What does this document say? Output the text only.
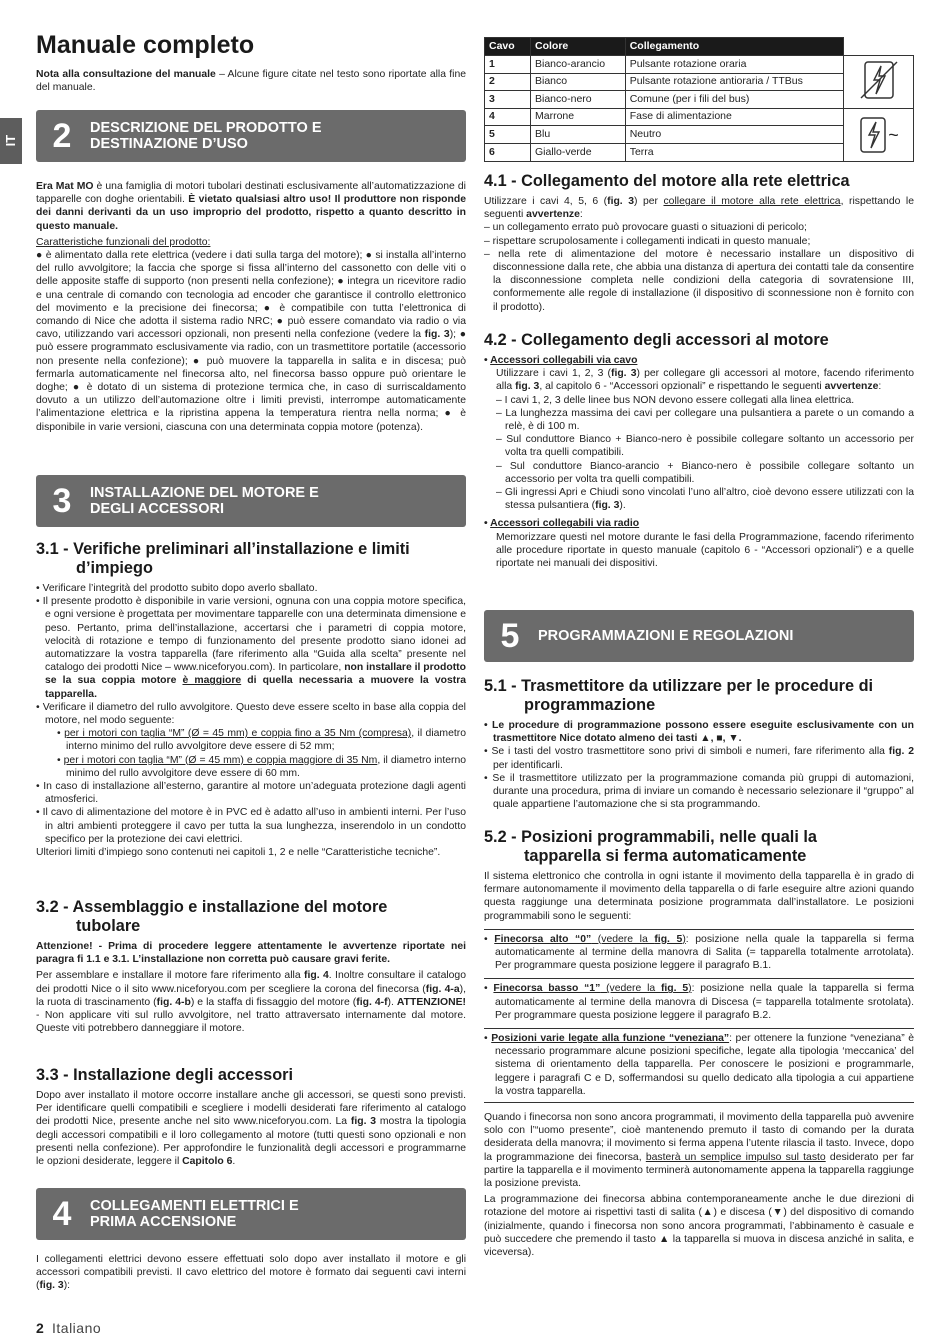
IT
Manuale completo

Nota alla consultazione del manuale – Alcune figure citate nel testo sono riportate alla fine del manuale.

2	DESCRIZIONE DEL PRODOTTO E
DESTINAZIONE D’USO

Era Mat MO è una famiglia di motori tubolari destinati esclusivamente all’automatizzazione di tapparelle con doghe orientabili. È vietato qualsiasi altro uso! Il produttore non risponde dei danni derivanti da un uso improprio del prodotto, rispetto a quanto descritto in questo manuale.

Caratteristiche funzionali del prodotto:

● è alimentato dalla rete elettrica (vedere i dati sulla targa del motore); ● si installa all’interno del rullo avvolgitore; la faccia che sporge si fissa all’interno del cassonetto con delle viti o delle apposite staffe di supporto (non presenti nella confezione); ● integra un ricevitore radio e una centrale di comando con tecnologia ad encoder che garantisce il controllo elettronico del movimento e la precisione dei finecorsa; ● è compatibile con tutta l’elettronica di comando di Nice che adotta il sistema radio NRC; ● può essere comandato via radio o via cavo, utilizzando vari accessori opzionali, non presenti nella confezione (vedere la fig. 3); ● può essere programmato esclusivamente via radio, con un trasmettitore portatile (accessorio non presente nella confezione); ● può muovere la tapparella in salita e in discesa; può fermarla automaticamente nel finecorsa alto, nel finecorsa basso oppure può orientare le doghe; ● è dotato di un sistema di protezione termica che, in caso di surriscaldamento dovuto a un utilizzo dell’automazione oltre i limiti previsti, interrompe automaticamente l’alimentazione elettrica e la ripristina appena la temperatura rientra nella norma; ● è disponibile in varie versioni, ciascuna con una determinata coppia motore (potenza).

3	INSTALLAZIONE DEL MOTORE E
DEGLI ACCESSORI
3.1 - Verifiche preliminari all’installazione e limiti
d’impiego
• Verificare l’integrità del prodotto subito dopo averlo sballato.
• Il presente prodotto è disponibile in varie versioni, ognuna con una coppia motore specifica, e ogni versione è progettata per movimentare tapparelle con una determinata dimensione e peso. Pertanto, prima dell’installazione, accertarsi che i parametri di coppia motore, velocità di rotazione e tempo di funzionamento del presente prodotto siano idonei ad automatizzare la vostra tapparella (fare riferimento alla “Guida alla scelta” presente nel catalogo dei prodotti Nice – www.niceforyou.com). In particolare, non installare il prodotto se la sua coppia motore è maggiore di quella necessaria a muovere la vostra tapparella.
• Verificare il diametro del rullo avvolgitore. Questo deve essere scelto in base alla coppia del motore, nel modo seguente:
• per i motori con taglia “M” (Ø = 45 mm) e coppia fino a 35 Nm (compresa), il diametro interno minimo del rullo avvolgitore deve essere di 52 mm;
• per i motori con taglia “M” (Ø = 45 mm) e coppia maggiore di 35 Nm, il diametro interno minimo del rullo avvolgitore deve essere di 60 mm.
• In caso di installazione all’esterno, garantire al motore un’adeguata protezione dagli agenti atmosferici.
• Il cavo di alimentazione del motore è in PVC ed è adatto all’uso in ambienti interni. Per l’uso in altri ambienti proteggere il cavo per tutta la sua lunghezza, inserendolo in un condotto specifico per la protezione dei cavi elettrici.

Ulteriori limiti d’impiego sono contenuti nei capitoli 1, 2 e nelle “Caratteristiche tecniche”.

3.2 - Assemblaggio e installazione del motore
tubolare

Attenzione! - Prima di procedere leggere attentamente le avvertenze riportate nei paragra fi 1.1 e 3.1. L’installazione non corretta può causare gravi ferite.

Per assemblare e installare il motore fare riferimento alla fig. 4. Inoltre consultare il catalogo dei prodotti Nice o il sito www.niceforyou.com per scegliere la corona del finecorsa (fig. 4-a), la ruota di trascinamento (fig. 4-b) e la staffa di fissaggio del motore (fig. 4-f). ATTENZIONE! - Non applicare viti sul rullo avvolgitore, nel tratto attraversato internamente dal motore. Queste viti potrebbero danneggiare il motore.

3.3 - Installazione degli accessori

Dopo aver installato il motore occorre installare anche gli accessori, se questi sono previsti. Per identificare quelli compatibili e scegliere i modelli desiderati fare riferimento al catalogo dei prodotti Nice, presente anche nel sito www.niceforyou.com. La fig. 3 mostra la tipologia degli accessori compatibili e il loro collegamento al motore (tutti questi sono opzionali e non presenti nella confezione). Per approfondire le funzionalità degli accessori e programmarne le opzioni desiderate, leggere il Capitolo 6.

4	COLLEGAMENTI ELETTRICI E
PRIMA ACCENSIONE

I collegamenti elettrici devono essere effettuati solo dopo aver installato il motore e gli accessori compatibili previsti. Il cavo elettrico del motore è formato dai seguenti cavi interni (fig. 3):

Cavo	Colore	Collegamento	
1	Bianco-arancio	Pulsante rotazione oraria	
2	Bianco	Pulsante rotazione antioraria / TTBus	
3	Bianco-nero	Comune (per i fili del bus)	
4	Marrone	Fase di alimentazione	~

5	Blu	Neutro	
6	Giallo-verde	Terra	
4.1 - Collegamento del motore alla rete elettrica

Utilizzare i cavi 4, 5, 6 (fig. 3) per collegare il motore alla rete elettrica, rispettando le seguenti avvertenze:

– un collegamento errato può provocare guasti o situazioni di pericolo;
– rispettare scrupolosamente i collegamenti indicati in questo manuale;
– nella rete di alimentazione del motore è necessario installare un dispositivo di disconnessione dalla rete, che abbia una distanza di apertura dei contatti tale da consentire la disconnessione completa nelle condizioni della categoria di sovratensione III, conformemente alle regole di installazione (il dispositivo di sconnessione non è fornito con il prodotto).
4.2 - Collegamento degli accessori al motore

• Accessori collegabili via cavo

Utilizzare i cavi 1, 2, 3 (fig. 3) per collegare gli accessori al motore, facendo riferimento alla fig. 3, al capitolo 6 - “Accessori opzionali” e rispettando le seguenti avvertenze:
– I cavi 1, 2, 3 delle linee bus NON devono essere collegati alla linea elettrica.
– La lunghezza massima dei cavi per collegare una pulsantiera a parete o un comando a relè, è di 100 m.
– Sul conduttore Bianco + Bianco-nero è possibile collegare soltanto un accessorio per volta tra quelli compatibili.
– Sul conduttore Bianco-arancio + Bianco-nero è possibile collegare soltanto un accessorio per volta tra quelli compatibili.
– Gli ingressi Apri e Chiudi sono vincolati l’uno all’altro, cioè devono essere utilizzati con la stessa pulsantiera (fig. 3).

• Accessori collegabili via radio

Memorizzare questi nel motore durante le fasi della Programmazione, facendo riferimento alle procedure riportate in questo manuale (capitolo 6 - “Accessori opzionali”) e a quelle riportate nei manuali dei dispositivi.
5	PROGRAMMAZIONI E REGOLAZIONI
5.1 - Trasmettitore da utilizzare per le procedure di
programmazione
• Le procedure di programmazione possono essere eseguite esclusivamente con un trasmettitore Nice dotato almeno dei tasti ▲, ■, ▼.
• Se i tasti del vostro trasmettitore sono privi di simboli e numeri, fare riferimento alla fig. 2 per identificarli.
• Se il trasmettitore utilizzato per la programmazione comanda più gruppi di automazioni, durante una procedura, prima di inviare un comando è necessario selezionare il “gruppo” al quale appartiene l’automazione che si sta programmando.
5.2 - Posizioni programmabili, nelle quali la
tapparella si ferma automaticamente

Il sistema elettronico che controlla in ogni istante il movimento della tapparella è in grado di fermare autonomamente il movimento della tapparella o di farle eseguire altre azioni quando questa raggiunge una determinata posizione programmata dall’installatore. Le posizioni programmabili sono le seguenti:

• Finecorsa alto “0” (vedere la fig. 5): posizione nella quale la tapparella si ferma automaticamente al termine della manovra di Salita (= tapparella totalmente arrotolata). Per programmare questa posizione leggere il paragrafo B.1.
• Finecorsa basso “1” (vedere la fig. 5): posizione nella quale la tapparella si ferma automaticamente al termine della manovra di Discesa (= tapparella totalmente srotolata). Per programmare questa posizione leggere il paragrafo B.2.
• Posizioni varie legate alla funzione “veneziana”: per ottenere la funzione “veneziana” è necessario programmare alcune posizioni specifiche, legate alla tipologia ‘meccanica’ del sistema di orientamento della tapparella. Per conoscere le posizioni e programmarle, leggere i paragrafi C e D, soffermandosi su quello dedicato alla tipologia a cui appartiene la vostra tapparella.

Quando i finecorsa non sono ancora programmati, il movimento della tapparella può avvenire solo con l’“uomo presente”, cioè mantenendo premuto il tasto di comando per la durata desiderata della manovra; il movimento si ferma appena l’utente rilascia il tasto. Invece, dopo la programmazione dei finecorsa, basterà un semplice impulso sul tasto desiderato per far partire la tapparella e il movimento terminerà autonomamente appena la tapparella raggiunge la posizione prevista.

La programmazione dei finecorsa abbina contemporaneamente anche le due direzioni di rotazione del motore ai rispettivi tasti di salita (▲) e discesa (▼) del dispositivo di comando (inizialmente, quando i finecorsa non sono ancora programmati, l’abbinamento è casuale e può succedere che premendo il tasto ▲ la tapparella si muova in discesa anziché in salita, e viceversa).

2 Italiano
